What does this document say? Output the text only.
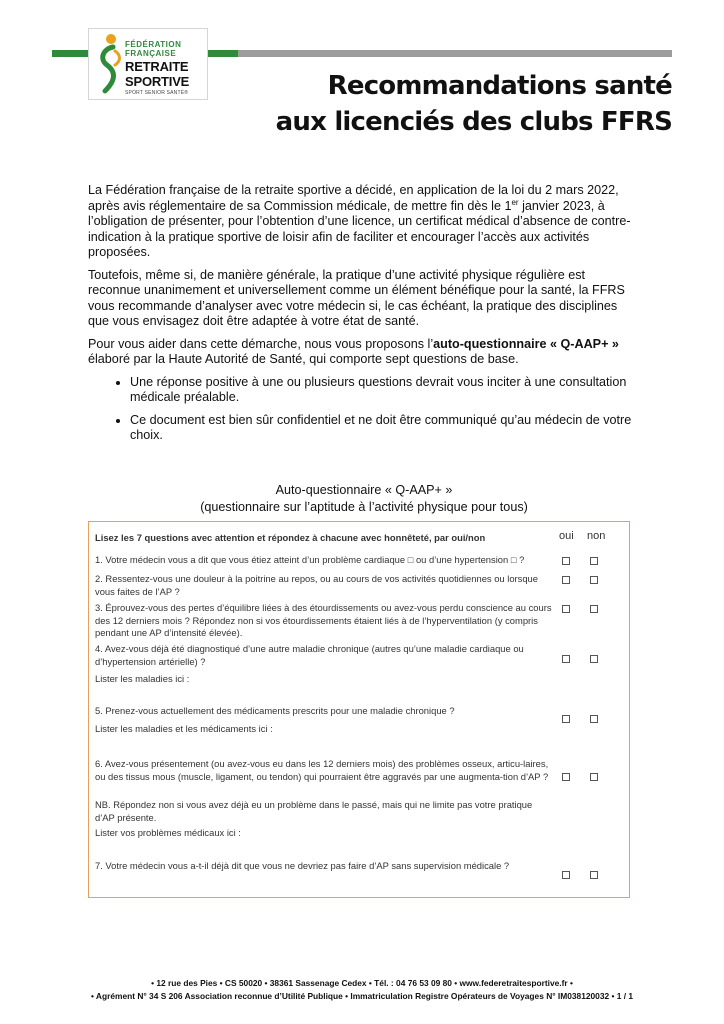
FÉDÉRATION
FRANÇAISE
RETRAITE
SPORTIVE
SPORT SENIOR SANTÉ®	Recommandations santé
aux licenciés des clubs FFRS

La Fédération française de la retraite sportive a décidé, en application de la loi du 2 mars 2022, après avis réglementaire de sa Commission médicale, de mettre fin dès le 1er janvier 2023, à l’obligation de présenter, pour l’obtention d’une licence, un certificat médical d’absence de contre-indication à la pratique sportive de loisir afin de faciliter et encourager l’accès aux activités proposées.

Toutefois, même si, de manière générale, la pratique d’une activité physique régulière est reconnue unanimement et universellement comme un élément bénéfique pour la santé, la FFRS vous recommande d’analyser avec votre médecin si, le cas échéant, la pratique des disciplines que vous envisagez doit être adaptée à votre état de santé.

Pour vous aider dans cette démarche, nous vous proposons l’auto-questionnaire « Q-AAP+ » élaboré par la Haute Autorité de Santé, qui comporte sept questions de base.

• Une réponse positive à une ou plusieurs questions devrait vous inciter à une consultation médicale préalable.
• Ce document est bien sûr confidentiel et ne doit être communiqué qu’au médecin de votre choix.
Auto-questionnaire « Q-AAP+ »
(questionnaire sur l’aptitude à l’activité physique pour tous)
Lisez les 7 questions avec attention et répondez à chacune avec honnêteté, par oui/non	oui non
1. Votre médecin vous a dit que vous étiez atteint d’un problème cardiaque □ ou d’une hypertension □ ?
2. Ressentez-vous une douleur à la poitrine au repos, ou au cours de vos activités quotidiennes ou lorsque vous faites de l’AP ?
3. Éprouvez-vous des pertes d’équilibre liées à des étourdissements ou avez-vous perdu conscience au cours des 12 derniers mois ? Répondez non si vos étourdissements étaient liés à de l’hyperventilation (y compris pendant une AP d’intensité élevée).
4. Avez-vous déjà été diagnostiqué d’une autre maladie chronique (autres qu’une maladie cardiaque ou d’hypertension artérielle) ?
Lister les maladies ici :
5. Prenez-vous actuellement des médicaments prescrits pour une maladie chronique ?
Lister les maladies et les médicaments ici :
6. Avez-vous présentement (ou avez-vous eu dans les 12 derniers mois) des problèmes osseux, articu-laires, ou des tissus mous (muscle, ligament, ou tendon) qui pourraient être aggravés par une augmenta-tion d’AP ?
NB. Répondez non si vous avez déjà eu un problème dans le passé, mais qui ne limite pas votre pratique d’AP présente.
Lister vos problèmes médicaux ici :
7. Votre médecin vous a-t-il déjà dit que vous ne devriez pas faire d’AP sans supervision médicale ?
• 12 rue des Pies • CS 50020 • 38361 Sassenage Cedex • Tél. : 04 76 53 09 80 • www.federetraitesportive.fr •
• Agrément N° 34 S 206 Association reconnue d’Utilité Publique • Immatriculation Registre Opérateurs de Voyages N° IM038120032 • 1 / 1
